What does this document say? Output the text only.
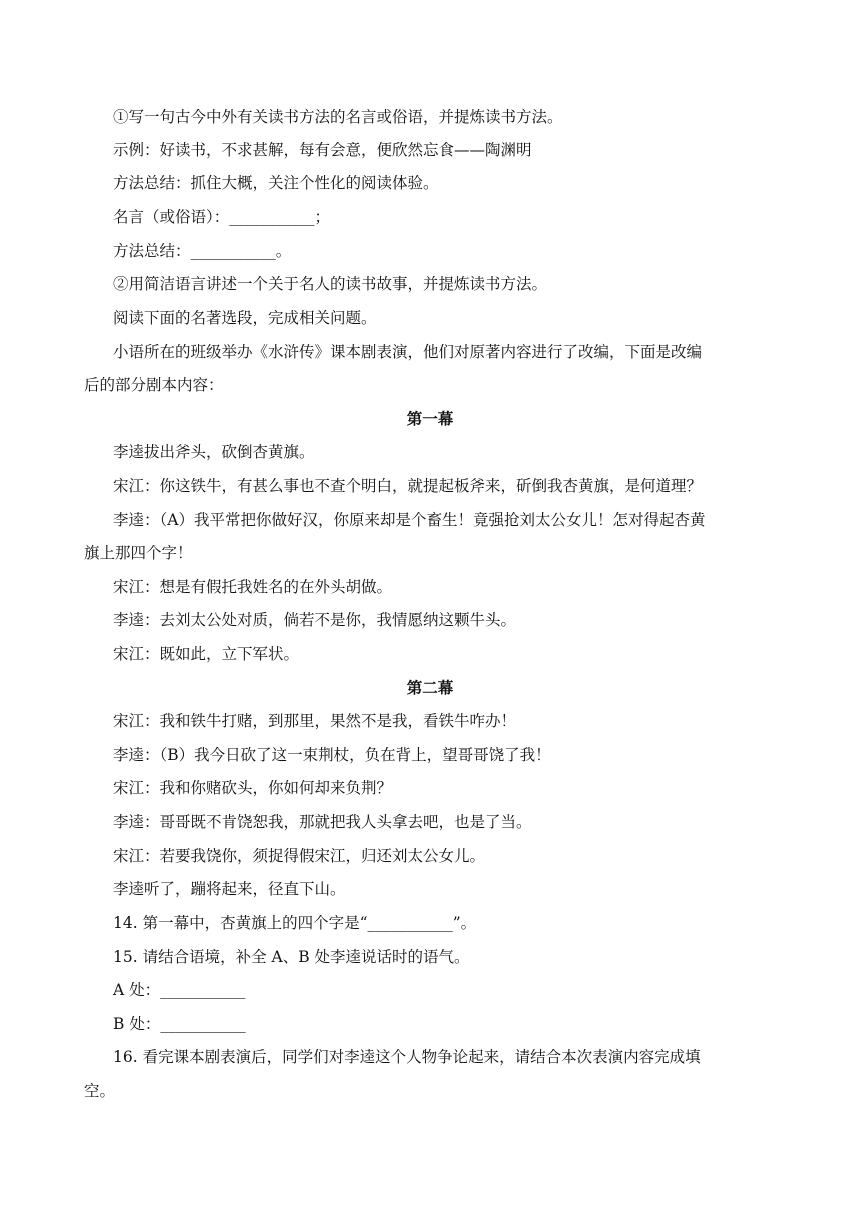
①写一句古今中外有关读书方法的名言或俗语，并提炼读书方法。
示例：好读书，不求甚解，每有会意，便欣然忘食——陶渊明
方法总结：抓住大概，关注个性化的阅读体验。
名言（或俗语）：___________；
方法总结：___________。
②用简洁语言讲述一个关于名人的读书故事，并提炼读书方法。
阅读下面的名著选段，完成相关问题。
小语所在的班级举办《水浒传》课本剧表演，他们对原著内容进行了改编，下面是改编
后的部分剧本内容：
第一幕
李逵拔出斧头，砍倒杏黄旗。
宋江：你这铁牛，有甚么事也不查个明白，就提起板斧来，斫倒我杏黄旗，是何道理？
李逵：（A）我平常把你做好汉，你原来却是个畜生！竟强抢刘太公女儿！怎对得起杏黄
旗上那四个字！
宋江：想是有假托我姓名的在外头胡做。
李逵：去刘太公处对质，倘若不是你，我情愿纳这颗牛头。
宋江：既如此，立下军状。
第二幕
宋江：我和铁牛打赌，到那里，果然不是我，看铁牛咋办！
李逵：（B）我今日砍了这一束荆杖，负在背上，望哥哥饶了我！
宋江：我和你赌砍头，你如何却来负荆？
李逵：哥哥既不肯饶恕我，那就把我人头拿去吧，也是了当。
宋江：若要我饶你，须捉得假宋江，归还刘太公女儿。
李逵听了，蹦将起来，径直下山。
14. 第一幕中，杏黄旗上的四个字是“___________”。
15. 请结合语境，补全 A、B 处李逵说话时的语气。
A 处：___________
B 处：___________
16. 看完课本剧表演后，同学们对李逵这个人物争论起来，请结合本次表演内容完成填
空。
